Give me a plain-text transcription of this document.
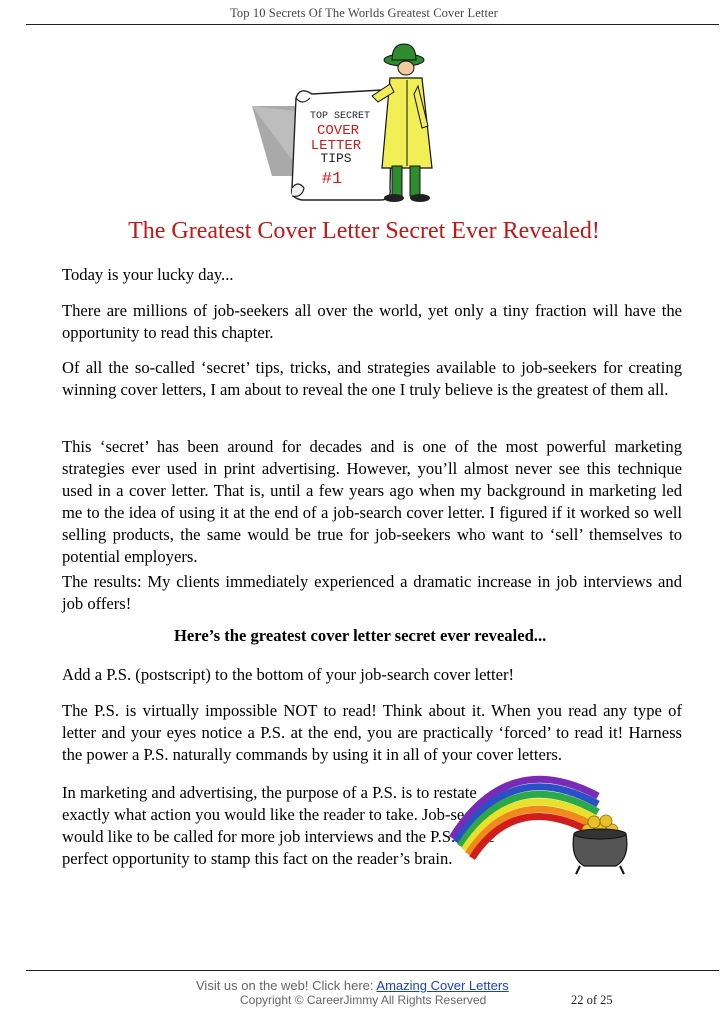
Top 10 Secrets Of The Worlds Greatest Cover Letter
TOP SECRET
COVER
LETTER
TIPS
#1
The Greatest Cover Letter Secret Ever Revealed!
Today is your lucky day...
There are millions of job-seekers all over the world, yet only a tiny fraction will have the opportunity to read this chapter.
Of all the so-called ‘secret’ tips, tricks, and strategies available to job-seekers for creating winning cover letters, I am about to reveal the one I truly believe is the greatest of them all.
This ‘secret’ has been around for decades and is one of the most powerful marketing strategies ever used in print advertising. However, you’ll almost never see this technique used in a cover letter. That is, until a few years ago when my background in marketing led me to the idea of using it at the end of a job-search cover letter. I figured if it worked so well selling products, the same would be true for job-seekers who want to ‘sell’ themselves to potential employers.
The results: My clients immediately experienced a dramatic increase in job interviews and job offers!
Here’s the greatest cover letter secret ever revealed...
Add a P.S. (postscript) to the bottom of your job-search cover letter!
The P.S. is virtually impossible NOT to read! Think about it. When you read any type of letter and your eyes notice a P.S. at the end, you are practically ‘forced’ to read it! Harness the power a P.S. naturally commands by using it in all of your cover letters.
In marketing and advertising, the purpose of a P.S. is to restate exactly what action you would like the reader to take. Job-seekers would like to be called for more job interviews and the P.S. is the perfect opportunity to stamp this fact on the reader’s brain.
Visit us on the web! Click here: Amazing Cover Letters
Copyright © CareerJimmy All Rights Reserved	22 of 25
